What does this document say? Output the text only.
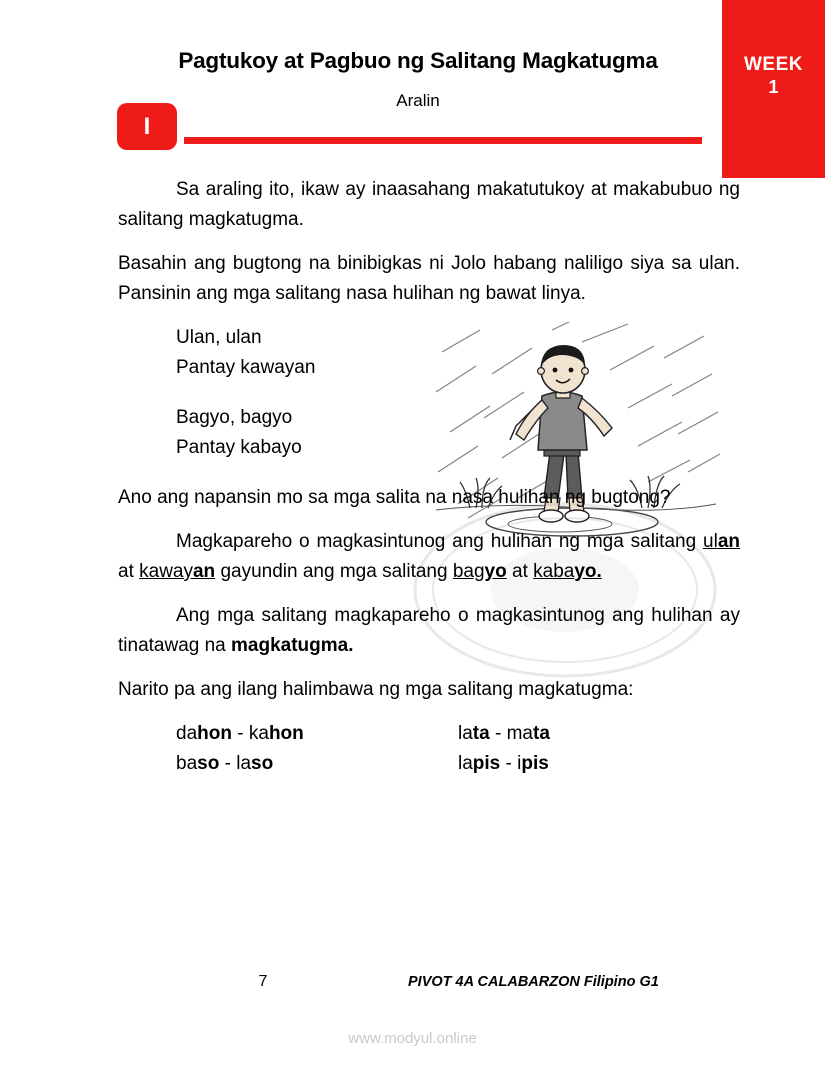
WEEK
1
Pagtukoy at Pagbuo ng Salitang Magkatugma
Aralin
I

Sa araling ito, ikaw ay inaasahang makatutukoy at makabubuo ng salitang magkatugma.

Basahin ang bugtong na binibigkas ni Jolo habang naliligo siya sa ulan. Pansinin ang mga salitang nasa hulihan ng bawat linya.

Ulan, ulan
Pantay kawayan
Bagyo, bagyo
Pantay kabayo

Ano ang napansin mo sa mga salita na nasa hulihan ng bugtong?

Magkapareho o magkasintunog ang hulihan ng mga salitang ulan at kawayan gayundin ang mga salitang bagyo at kabayo.

Ang mga salitang magkapareho o magkasintunog ang hulihan ay tinatawag na magkatugma.

Narito pa ang ilang halimbawa ng mga salitang magkatugma:

dahon - kahon	lata - mata
baso - laso	lapis - ipis
7	PIVOT 4A CALABARZON Filipino G1
www.modyul.online
